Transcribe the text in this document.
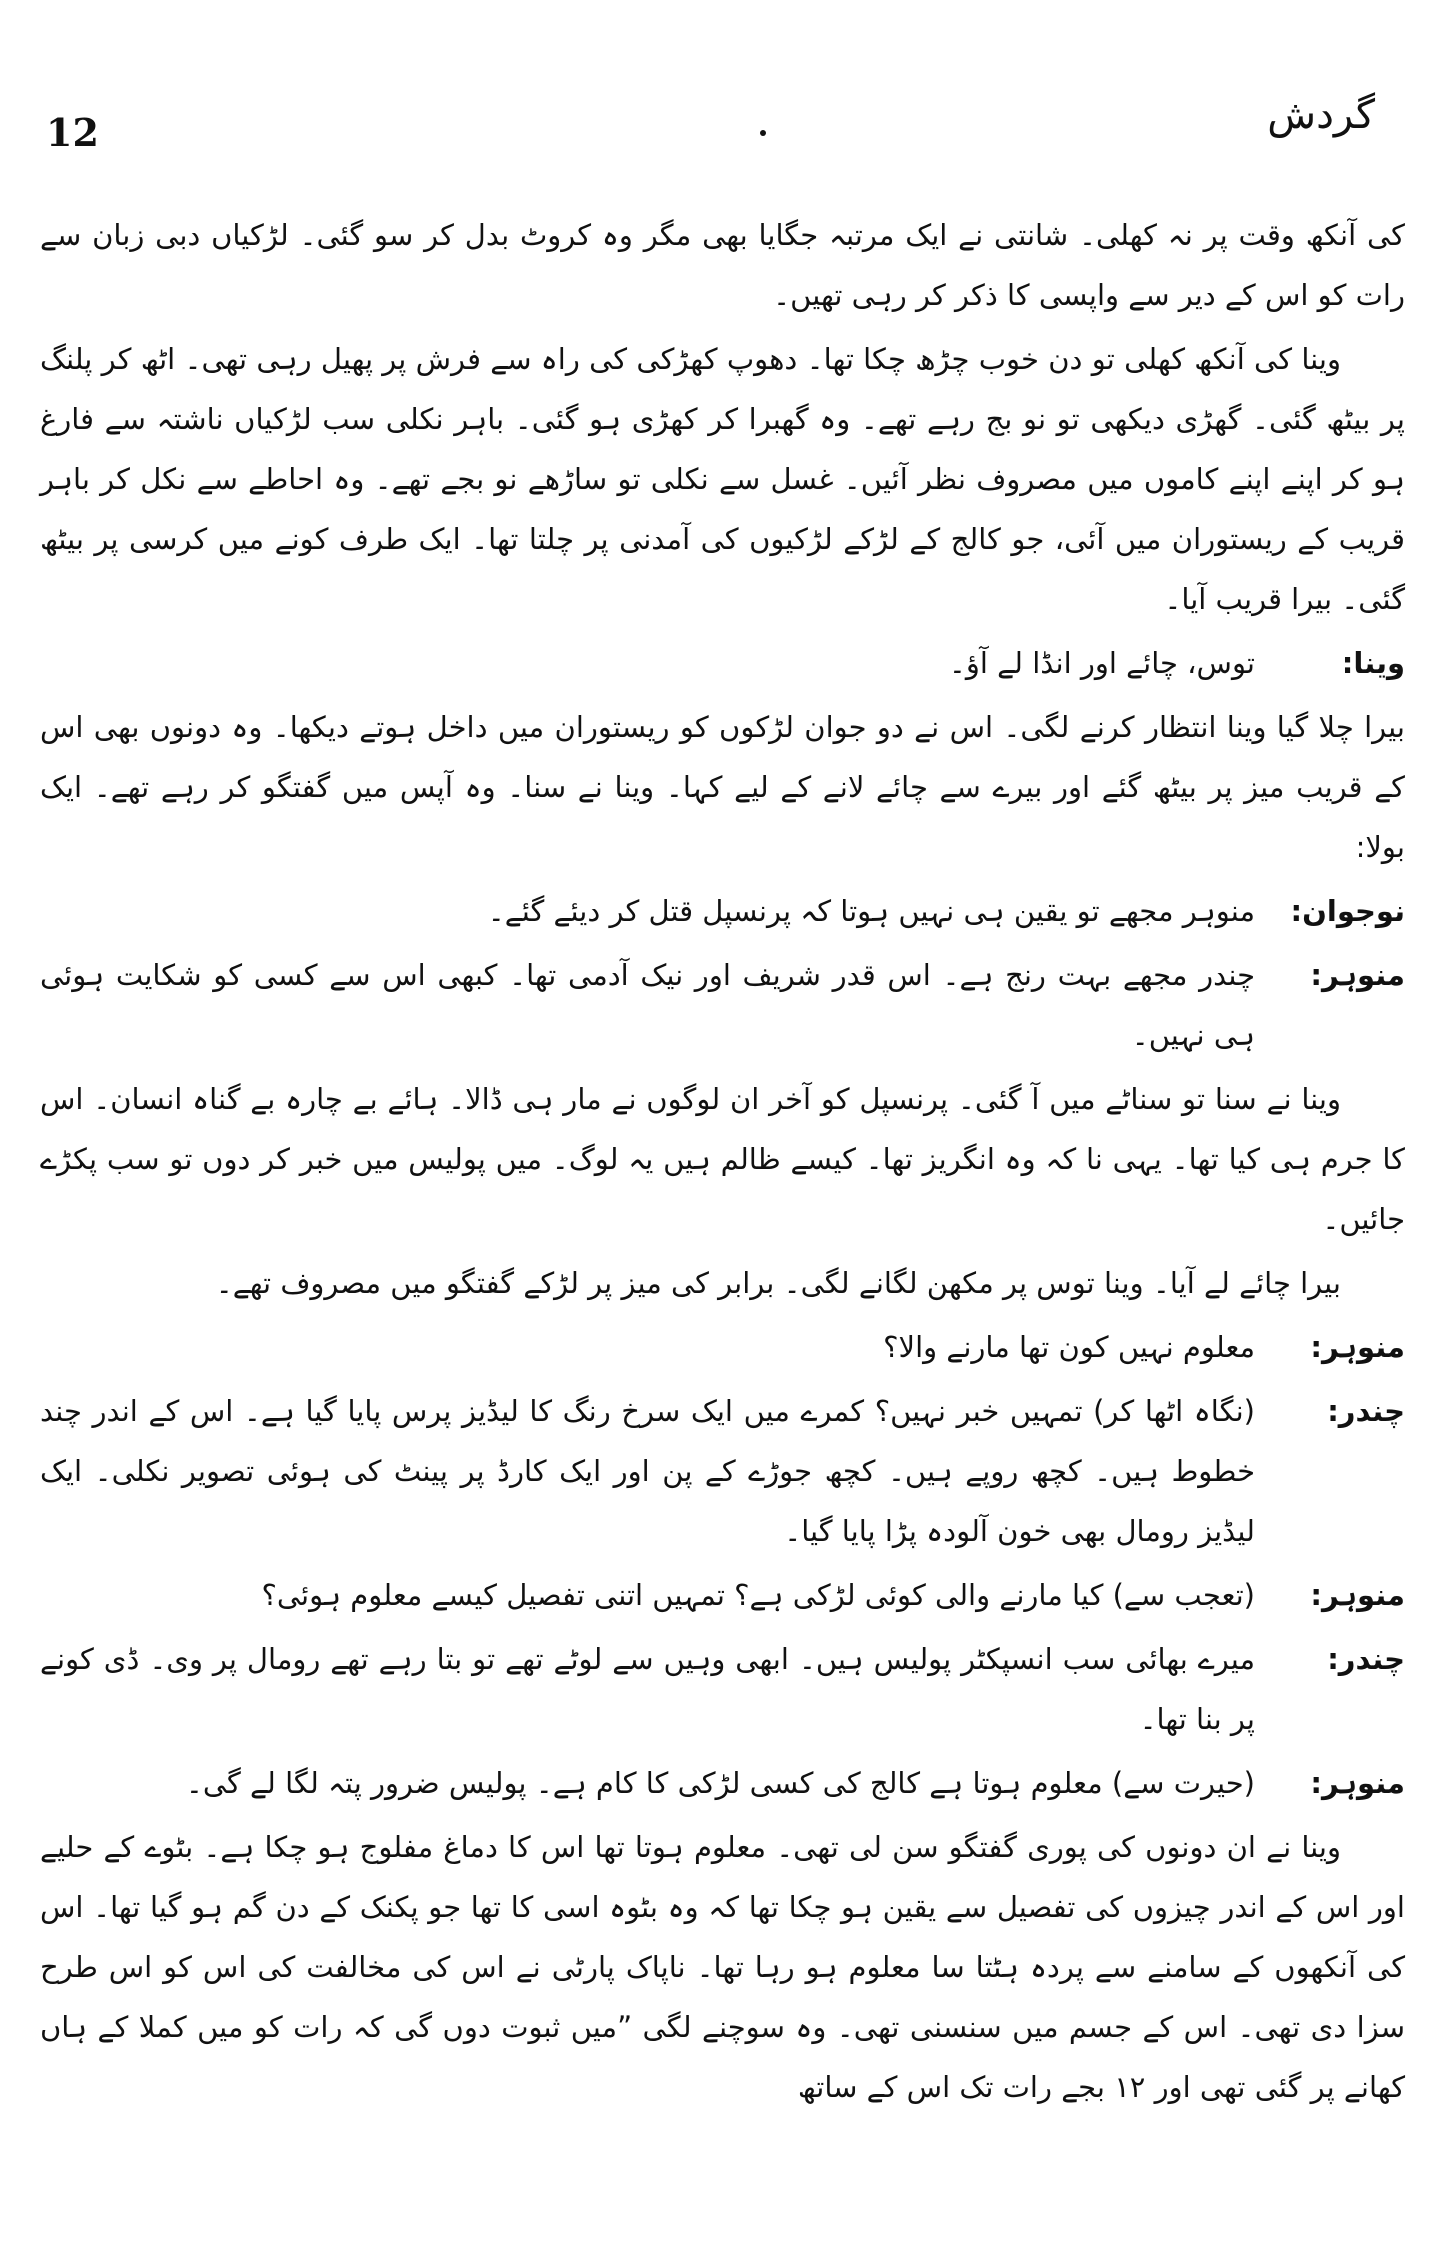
12	گردش

کی آنکھ وقت پر نہ کھلی۔ شانتی نے ایک مرتبہ جگایا بھی مگر وہ کروٹ بدل کر سو گئی۔ لڑکیاں دبی زبان سے رات کو اس کے دیر سے واپسی کا ذکر کر رہی تھیں۔

وینا کی آنکھ کھلی تو دن خوب چڑھ چکا تھا۔ دھوپ کھڑکی کی راہ سے فرش پر پھیل رہی تھی۔ اٹھ کر پلنگ پر بیٹھ گئی۔ گھڑی دیکھی تو نو بج رہے تھے۔ وہ گھبرا کر کھڑی ہو گئی۔ باہر نکلی سب لڑکیاں ناشتہ سے فارغ ہو کر اپنے اپنے کاموں میں مصروف نظر آئیں۔ غسل سے نکلی تو ساڑھے نو بجے تھے۔ وہ احاطے سے نکل کر باہر قریب کے ریستوران میں آئی، جو کالج کے لڑکے لڑکیوں کی آمدنی پر چلتا تھا۔ ایک طرف کونے میں کرسی پر بیٹھ گئی۔ بیرا قریب آیا۔

وینا:
توس، چائے اور انڈا لے آؤ۔

بیرا چلا گیا وینا انتظار کرنے لگی۔ اس نے دو جوان لڑکوں کو ریستوران میں داخل ہوتے دیکھا۔ وہ دونوں بھی اس کے قریب میز پر بیٹھ گئے اور بیرے سے چائے لانے کے لیے کہا۔ وینا نے سنا۔ وہ آپس میں گفتگو کر رہے تھے۔ ایک بولا:

نوجوان:
منوہر مجھے تو یقین ہی نہیں ہوتا کہ پرنسپل قتل کر دیئے گئے۔
منوہر:
چندر مجھے بہت رنج ہے۔ اس قدر شریف اور نیک آدمی تھا۔ کبھی اس سے کسی کو شکایت ہوئی ہی نہیں۔

وینا نے سنا تو سناٹے میں آ گئی۔ پرنسپل کو آخر ان لوگوں نے مار ہی ڈالا۔ ہائے بے چارہ بے گناہ انسان۔ اس کا جرم ہی کیا تھا۔ یہی نا کہ وہ انگریز تھا۔ کیسے ظالم ہیں یہ لوگ۔ میں پولیس میں خبر کر دوں تو سب پکڑے جائیں۔

بیرا چائے لے آیا۔ وینا توس پر مکھن لگانے لگی۔ برابر کی میز پر لڑکے گفتگو میں مصروف تھے۔

منوہر:
معلوم نہیں کون تھا مارنے والا؟
چندر:
(نگاہ اٹھا کر) تمہیں خبر نہیں؟ کمرے میں ایک سرخ رنگ کا لیڈیز پرس پایا گیا ہے۔ اس کے اندر چند خطوط ہیں۔ کچھ روپے ہیں۔ کچھ جوڑے کے پن اور ایک کارڈ پر پینٹ کی ہوئی تصویر نکلی۔ ایک لیڈیز رومال بھی خون آلودہ پڑا پایا گیا۔
منوہر:
(تعجب سے) کیا مارنے والی کوئی لڑکی ہے؟ تمہیں اتنی تفصیل کیسے معلوم ہوئی؟
چندر:
میرے بھائی سب انسپکٹر پولیس ہیں۔ ابھی وہیں سے لوٹے تھے تو بتا رہے تھے رومال پر وی۔ ڈی کونے پر بنا تھا۔
منوہر:
(حیرت سے) معلوم ہوتا ہے کالج کی کسی لڑکی کا کام ہے۔ پولیس ضرور پتہ لگا لے گی۔

وینا نے ان دونوں کی پوری گفتگو سن لی تھی۔ معلوم ہوتا تھا اس کا دماغ مفلوج ہو چکا ہے۔ بٹوے کے حلیے اور اس کے اندر چیزوں کی تفصیل سے یقین ہو چکا تھا کہ وہ بٹوہ اسی کا تھا جو پکنک کے دن گم ہو گیا تھا۔ اس کی آنکھوں کے سامنے سے پردہ ہٹتا سا معلوم ہو رہا تھا۔ ناپاک پارٹی نے اس کی مخالفت کی اس کو اس طرح سزا دی تھی۔ اس کے جسم میں سنسنی تھی۔ وہ سوچنے لگی ”میں ثبوت دوں گی کہ رات کو میں کملا کے ہاں کھانے پر گئی تھی اور ۱۲ بجے رات تک اس کے ساتھ
